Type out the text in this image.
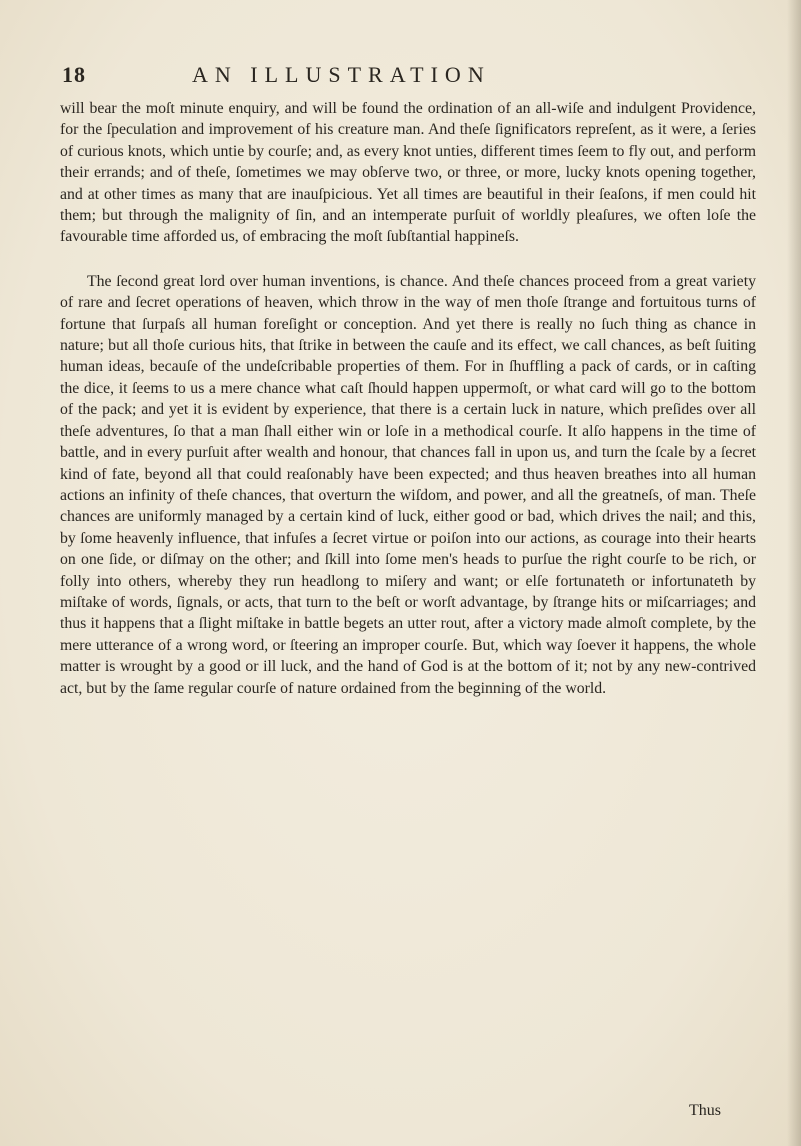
18	AN ILLUSTRATION

will bear the moſt minute enquiry, and will be found the ordination of an all-wiſe and indulgent Providence, for the ſpeculation and improvement of his creature man. And theſe ſignificators repreſent, as it were, a ſeries of curious knots, which untie by courſe; and, as every knot unties, different times ſeem to fly out, and perform their errands; and of theſe, ſometimes we may obſerve two, or three, or more, lucky knots opening together, and at other times as many that are inauſpicious. Yet all times are beautiful in their ſeaſons, if men could hit them; but through the malignity of ſin, and an intemperate purſuit of worldly pleaſures, we often loſe the favourable time afforded us, of embracing the moſt ſubſtantial happineſs.

The ſecond great lord over human inventions, is chance. And theſe chances proceed from a great variety of rare and ſecret operations of heaven, which throw in the way of men thoſe ſtrange and fortuitous turns of fortune that ſurpaſs all human foreſight or conception. And yet there is really no ſuch thing as chance in nature; but all thoſe curious hits, that ſtrike in between the cauſe and its effect, we call chances, as beſt ſuiting human ideas, becauſe of the undeſcribable properties of them. For in ſhuffling a pack of cards, or in caſting the dice, it ſeems to us a mere chance what caſt ſhould happen uppermoſt, or what card will go to the bottom of the pack; and yet it is evident by experience, that there is a certain luck in nature, which preſides over all theſe adventures, ſo that a man ſhall either win or loſe in a methodical courſe. It alſo happens in the time of battle, and in every purſuit after wealth and honour, that chances fall in upon us, and turn the ſcale by a ſecret kind of fate, beyond all that could reaſonably have been expected; and thus heaven breathes into all human actions an infinity of theſe chances, that overturn the wiſdom, and power, and all the greatneſs, of man. Theſe chances are uniformly managed by a certain kind of luck, either good or bad, which drives the nail; and this, by ſome heavenly influence, that infuſes a ſecret virtue or poiſon into our actions, as courage into their hearts on one ſide, or diſmay on the other; and ſkill into ſome men's heads to purſue the right courſe to be rich, or folly into others, whereby they run headlong to miſery and want; or elſe fortunateth or infortunateth by miſtake of words, ſignals, or acts, that turn to the beſt or worſt advantage, by ſtrange hits or miſcarriages; and thus it happens that a ſlight miſtake in battle begets an utter rout, after a victory made almoſt complete, by the mere utterance of a wrong word, or ſteering an improper courſe. But, which way ſoever it happens, the whole matter is wrought by a good or ill luck, and the hand of God is at the bottom of it; not by any new-contrived act, but by the ſame regular courſe of nature ordained from the beginning of the world.

Thus
